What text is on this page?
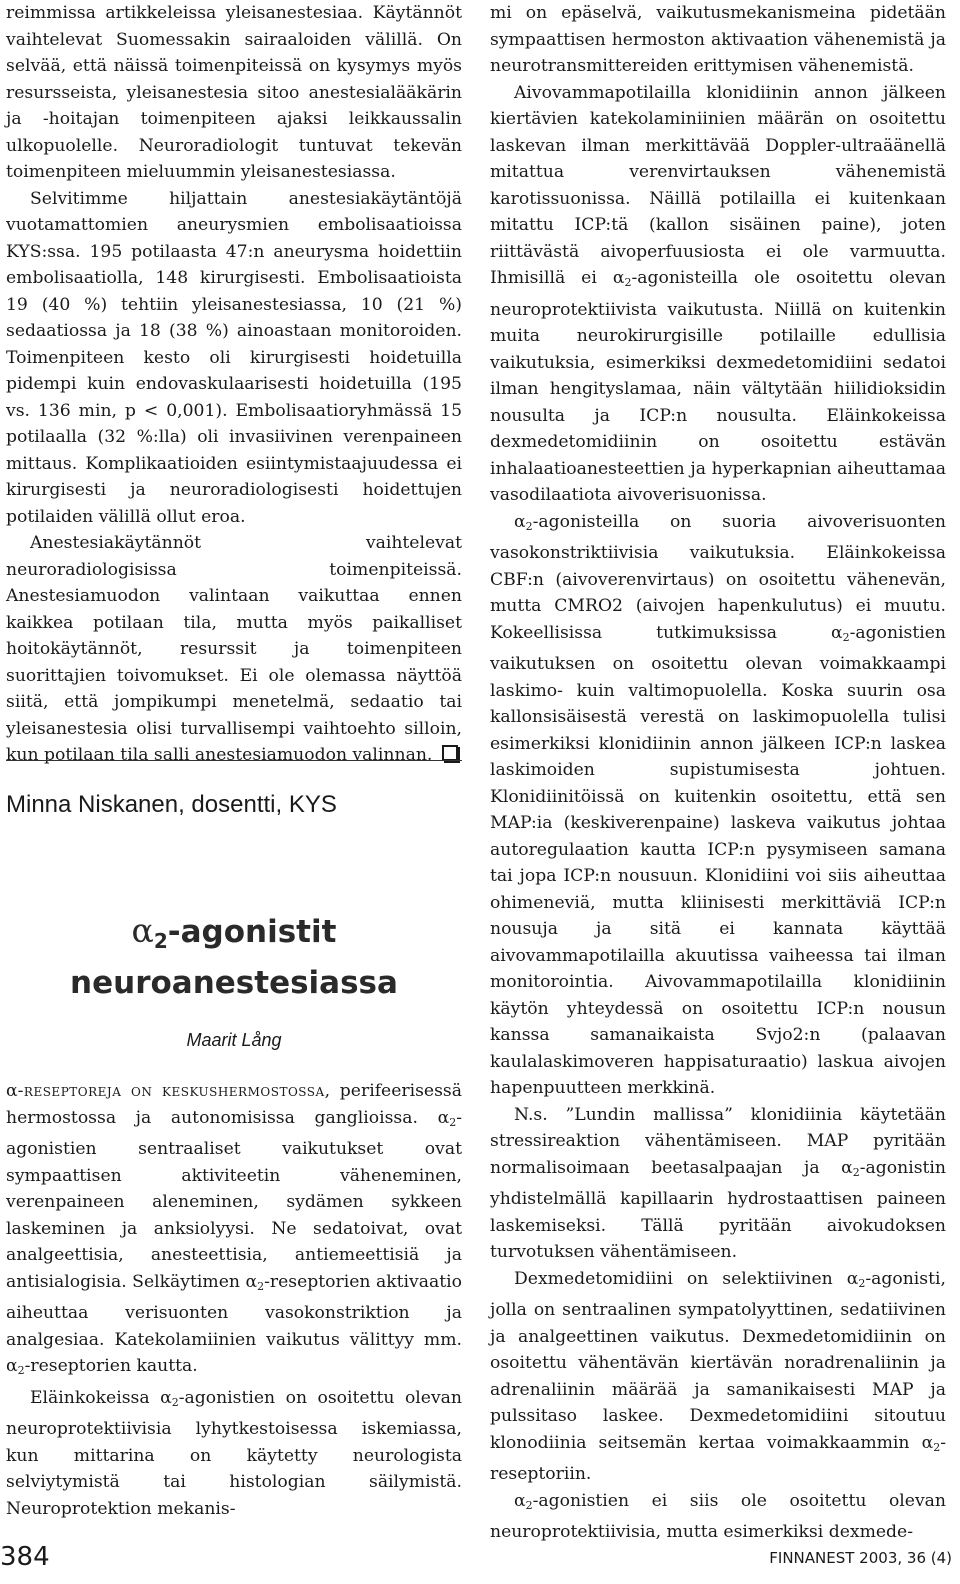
reimmissa artikkeleissa yleisanestesiaa. Käytännöt vaihtelevat Suomessakin sairaaloiden välillä. On selvää, että näissä toimenpiteissä on kysymys myös resursseista, yleisanestesia sitoo anestesialääkärin ja -hoitajan toimenpiteen ajaksi leikkaussalin ulkopuolelle. Neuroradiologit tuntuvat tekevän toimenpiteen mieluummin yleisanestesiassa.

Selvitimme hiljattain anestesiakäytäntöjä vuotamattomien aneurysmien embolisaatioissa KYS:ssa. 195 potilaasta 47:n aneurysma hoidettiin embolisaatiolla, 148 kirurgisesti. Embolisaatioista 19 (40 %) tehtiin yleisanestesiassa, 10 (21 %) sedaatiossa ja 18 (38 %) ainoastaan monitoroiden. Toimenpiteen kesto oli kirurgisesti hoidetuilla pidempi kuin endovaskulaarisesti hoidetuilla (195 vs. 136 min, p < 0,001). Embolisaatioryhmässä 15 potilaalla (32 %:lla) oli invasiivinen verenpaineen mittaus. Komplikaatioiden esiintymistaajuudessa ei kirurgisesti ja neuroradiologisesti hoidettujen potilaiden välillä ollut eroa.

Anestesiakäytännöt vaihtelevat neuroradiologisissa toimenpiteissä. Anestesiamuodon valintaan vaikuttaa ennen kaikkea potilaan tila, mutta myös paikalliset hoitokäytännöt, resurssit ja toimenpiteen suorittajien toivomukset. Ei ole olemassa näyttöä siitä, että jompikumpi menetelmä, sedaatio tai yleisanestesia olisi turvallisempi vaihtoehto silloin, kun potilaan tila salli anestesiamuodon valinnan.

Minna Niskanen, dosentti, KYS
α2-agonistit
neuroanestesiassa
Maarit Lång

α-reseptoreja on keskushermostossa, perifeerisessä hermostossa ja autonomisissa ganglioissa. $\alpha_2$-agonistien sentraaliset vaikutukset ovat sympaattisen aktiviteetin väheneminen, verenpaineen aleneminen, sydämen sykkeen laskeminen ja anksiolyysi. Ne sedatoivat, ovat analgeettisia, anesteettisia, antiemeettisiä ja antisialogisia. Selkäytimen $\alpha_2$-reseptorien aktivaatio aiheuttaa verisuonten vasokonstriktion ja analgesiaa. Katekolamiinien vaikutus välittyy mm. $\alpha_2$-reseptorien kautta.

Eläinkokeissa $\alpha_2$-agonistien on osoitettu olevan neuroprotektiivisia lyhytkestoisessa iskemiassa, kun mittarina on käytetty neurologista selviytymistä tai histologian säilymistä. Neuroprotektion mekanis-

mi on epäselvä, vaikutusmekanismeina pidetään sympaattisen hermoston aktivaation vähenemistä ja neurotransmittereiden erittymisen vähenemistä.

Aivovammapotilailla klonidiinin annon jälkeen kiertävien katekolaminiinien määrän on osoitettu laskevan ilman merkittävää Doppler-ultraäänellä mitattua verenvirtauksen vähenemistä karotissuonissa. Näillä potilailla ei kuitenkaan mitattu ICP:tä (kallon sisäinen paine), joten riittävästä aivoperfuusiosta ei ole varmuutta. Ihmisillä ei $\alpha_2$-agonisteilla ole osoitettu olevan neuroprotektiivista vaikutusta. Niillä on kuitenkin muita neurokirurgisille potilaille edullisia vaikutuksia, esimerkiksi dexmedetomidiini sedatoi ilman hengityslamaa, näin vältytään hiilidioksidin nousulta ja ICP:n nousulta. Eläinkokeissa dexmedetomidiinin on osoitettu estävän inhalaatioanesteettien ja hyperkapnian aiheuttamaa vasodilaatiota aivoverisuonissa.

$\alpha_2$-agonisteilla on suoria aivoverisuonten vasokonstriktiivisia vaikutuksia. Eläinkokeissa CBF:n (aivoverenvirtaus) on osoitettu vähenevän, mutta CMRO2 (aivojen hapenkulutus) ei muutu. Kokeellisissa tutkimuksissa $\alpha_2$-agonistien vaikutuksen on osoitettu olevan voimakkaampi laskimo- kuin valtimopuolella. Koska suurin osa kallonsisäisestä verestä on laskimopuolella tulisi esimerkiksi klonidiinin annon jälkeen ICP:n laskea laskimoiden supistumisesta johtuen. Klonidiinitöissä on kuitenkin osoitettu, että sen MAP:ia (keskiverenpaine) laskeva vaikutus johtaa autoregulaation kautta ICP:n pysymiseen samana tai jopa ICP:n nousuun. Klonidiini voi siis aiheuttaa ohimeneviä, mutta kliinisesti merkittäviä ICP:n nousuja ja sitä ei kannata käyttää aivovammapotilailla akuutissa vaiheessa tai ilman monitorointia. Aivovammapotilailla klonidiinin käytön yhteydessä on osoitettu ICP:n nousun kanssa samanaikaista Svjo2:n (palaavan kaulalaskimoveren happisaturaatio) laskua aivojen hapenpuutteen merkkinä.

N.s. ”Lundin mallissa” klonidiinia käytetään stressireaktion vähentämiseen. MAP pyritään normalisoimaan beetasalpaajan ja $\alpha_2$-agonistin yhdistelmällä kapillaarin hydrostaattisen paineen laskemiseksi. Tällä pyritään aivokudoksen turvotuksen vähentämiseen.

Dexmedetomidiini on selektiivinen $\alpha_2$-agonisti, jolla on sentraalinen sympatolyyttinen, sedatiivinen ja analgeettinen vaikutus. Dexmedetomidiinin on osoitettu vähentävän kiertävän noradrenaliinin ja adrenaliinin määrää ja samanikaisesti MAP ja pulssitaso laskee. Dexmedetomidiini sitoutuu klonodiinia seitsemän kertaa voimakkaammin $\alpha_2$-reseptoriin.

$\alpha_2$-agonistien ei siis ole osoitettu olevan neuroprotektiivisia, mutta esimerkiksi dexmede-

384	FINNANEST 2003, 36 (4)
